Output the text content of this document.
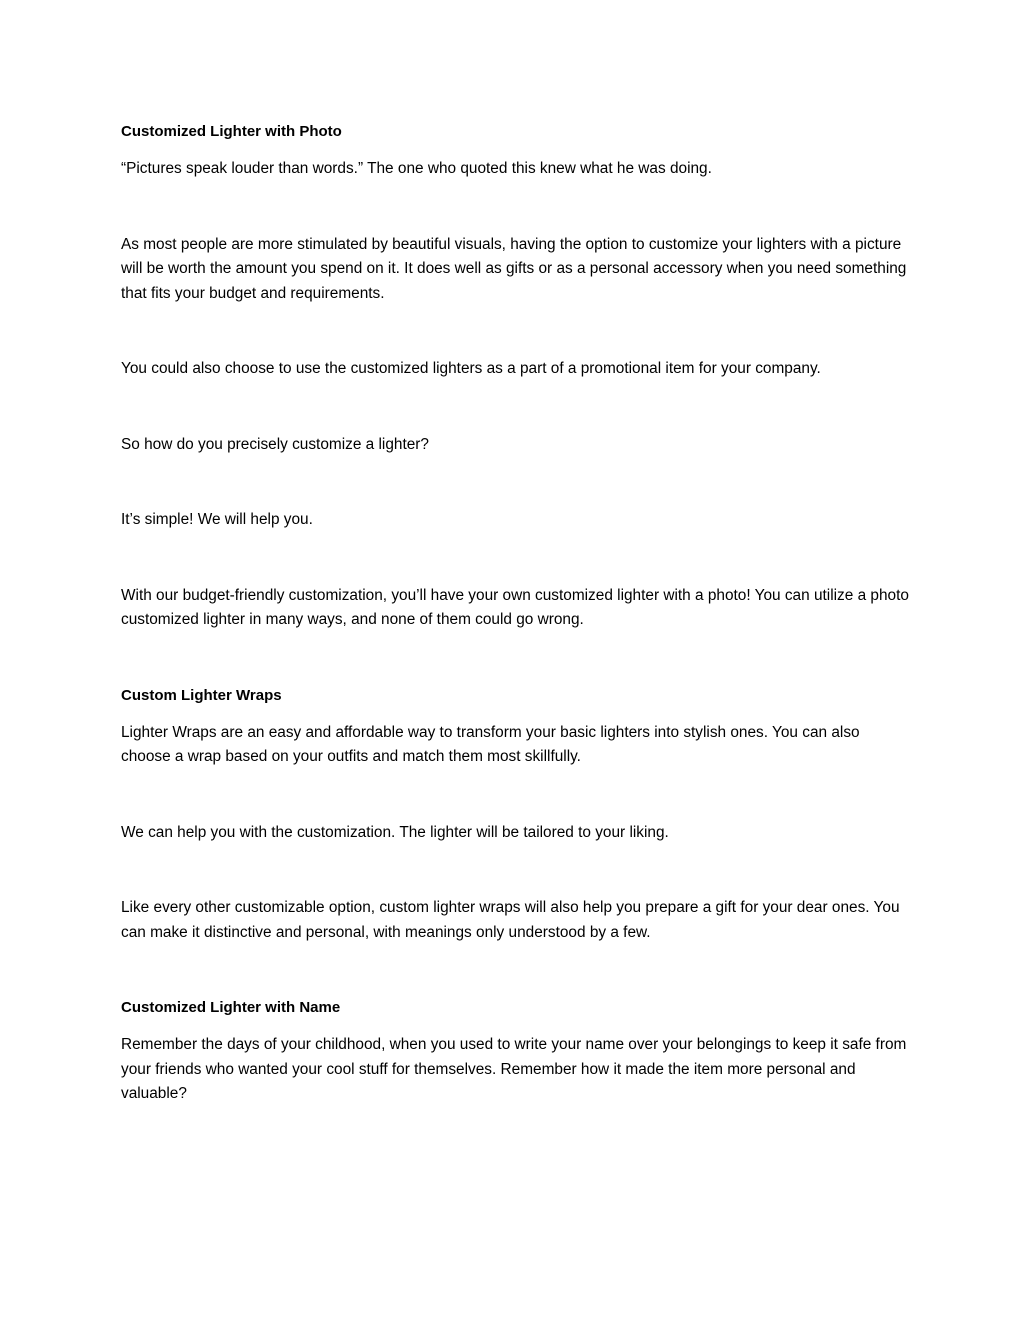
Customized Lighter with Photo

“Pictures speak louder than words.” The one who quoted this knew what he was doing.

As most people are more stimulated by beautiful visuals, having the option to customize your lighters with a picture will be worth the amount you spend on it. It does well as gifts or as a personal accessory when you need something that fits your budget and requirements.

You could also choose to use the customized lighters as a part of a promotional item for your company.

So how do you precisely customize a lighter?

It’s simple! We will help you.

With our budget-friendly customization, you’ll have your own customized lighter with a photo! You can utilize a photo customized lighter in many ways, and none of them could go wrong.

Custom Lighter Wraps

Lighter Wraps are an easy and affordable way to transform your basic lighters into stylish ones. You can also choose a wrap based on your outfits and match them most skillfully.

We can help you with the customization. The lighter will be tailored to your liking.

Like every other customizable option, custom lighter wraps will also help you prepare a gift for your dear ones. You can make it distinctive and personal, with meanings only understood by a few.

Customized Lighter with Name

Remember the days of your childhood, when you used to write your name over your belongings to keep it safe from your friends who wanted your cool stuff for themselves. Remember how it made the item more personal and valuable?
